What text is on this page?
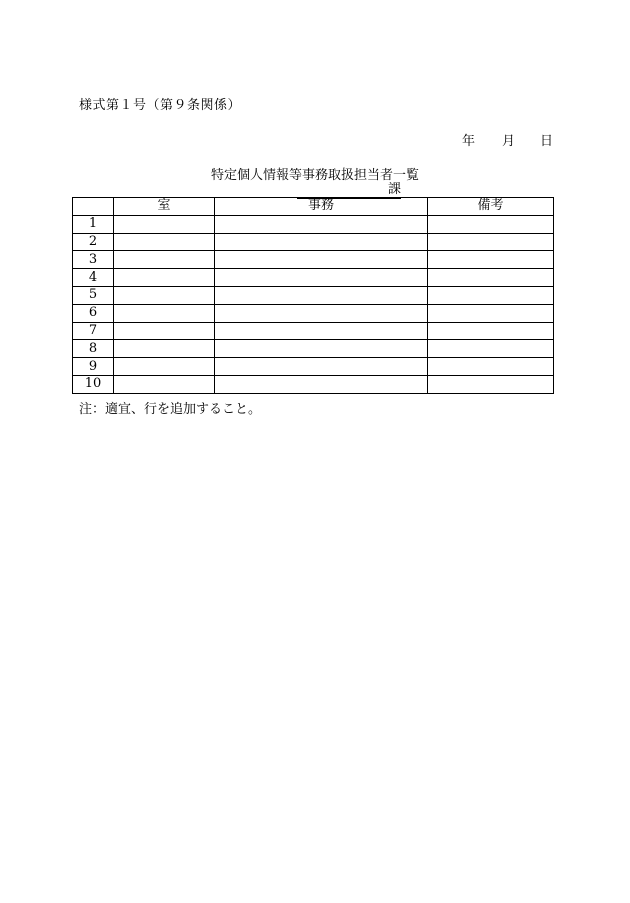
様式第１号（第９条関係）
年 月 日
特定個人情報等事務取扱担当者一覧
課
	室	事務	備考
1			
2			
3			
4			
5			
6			
7			
8			
9			
10			
注：適宜、行を追加すること。
